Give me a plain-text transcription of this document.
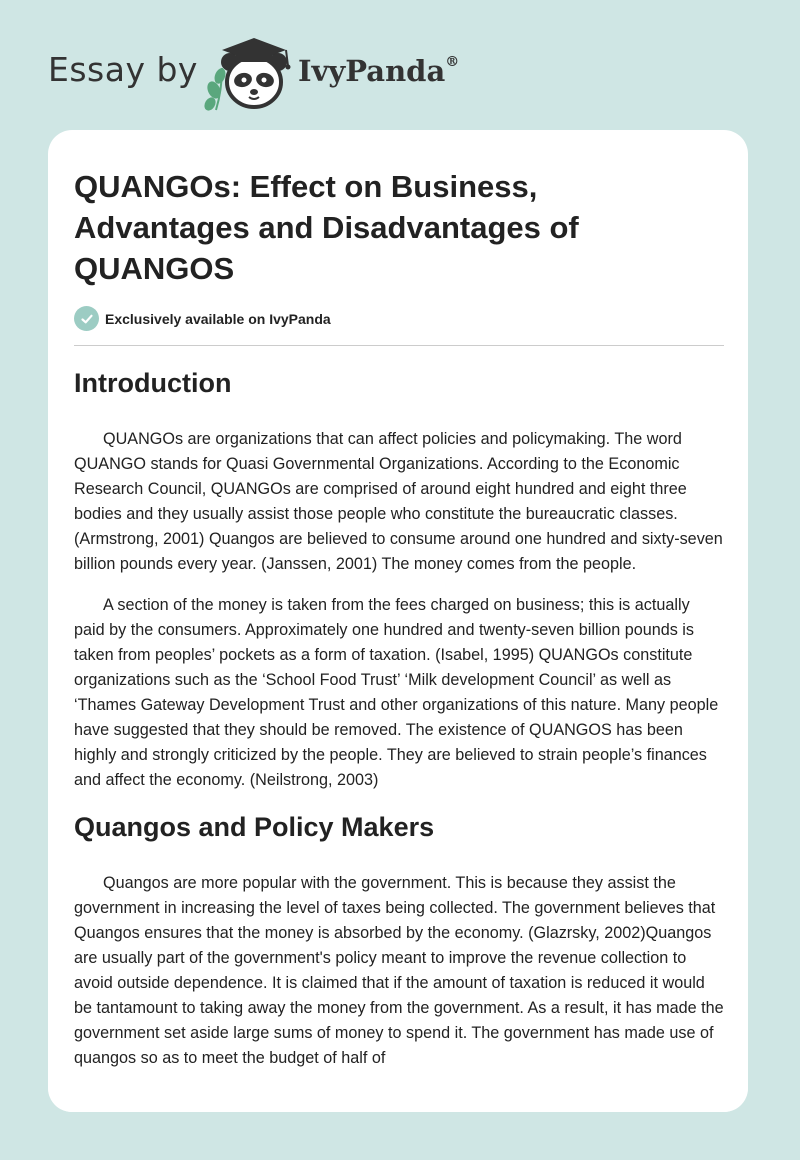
Essay by	IvyPanda®
QUANGOs: Effect on Business, Advantages and Disadvantages of QUANGOS
Exclusively available on IvyPanda
Introduction

QUANGOs are organizations that can affect policies and policymaking. The word QUANGO stands for Quasi Governmental Organizations. According to the Economic Research Council, QUANGOs are comprised of around eight hundred and eight three bodies and they usually assist those people who constitute the bureaucratic classes. (Armstrong, 2001) Quangos are believed to consume around one hundred and sixty-seven billion pounds every year. (Janssen, 2001) The money comes from the people.

A section of the money is taken from the fees charged on business; this is actually paid by the consumers. Approximately one hundred and twenty-seven billion pounds is taken from peoples’ pockets as a form of taxation. (Isabel, 1995) QUANGOs constitute organizations such as the ‘School Food Trust’ ‘Milk development Council’ as well as ‘Thames Gateway Development Trust and other organizations of this nature. Many people have suggested that they should be removed. The existence of QUANGOS has been highly and strongly criticized by the people. They are believed to strain people’s finances and affect the economy. (Neilstrong, 2003)

Quangos and Policy Makers

Quangos are more popular with the government. This is because they assist the government in increasing the level of taxes being collected. The government believes that Quangos ensures that the money is absorbed by the economy. (Glazrsky, 2002)Quangos are usually part of the government's policy meant to improve the revenue collection to avoid outside dependence. It is claimed that if the amount of taxation is reduced it would be tantamount to taking away the money from the government. As a result, it has made the government set aside large sums of money to spend it. The government has made use of quangos so as to meet the budget of half of
